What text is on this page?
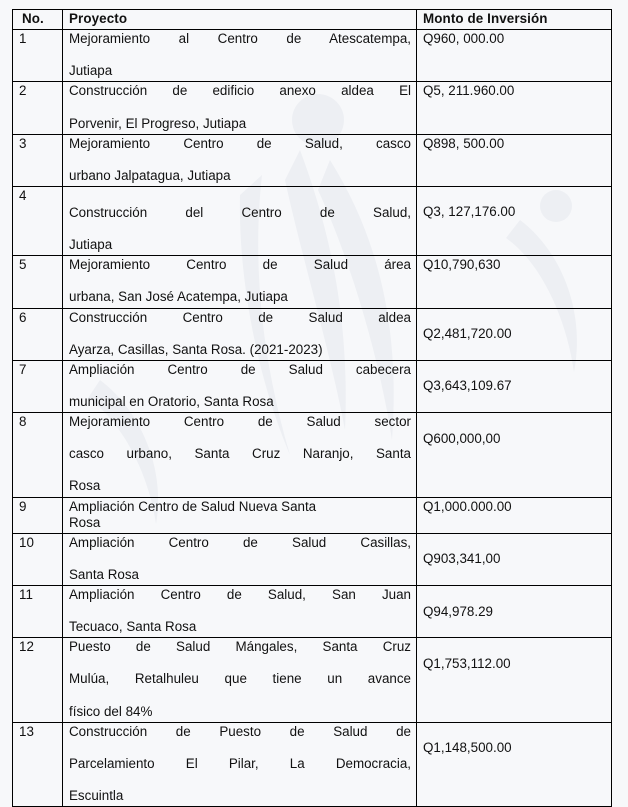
No.	Proyecto	Monto de Inversión
1	Mejoramiento al Centro de Atescatempa,
Jutiapa	Q960, 000.00
2	Construcción de edificio anexo aldea El
Porvenir, El Progreso, Jutiapa	Q5, 211.960.00
3	Mejoramiento Centro de Salud, casco
urbano Jalpatagua, Jutiapa	Q898, 500.00
4	Construcción del Centro de Salud,
Jutiapa	Q3, 127,176.00
5	Mejoramiento Centro de Salud área
urbana, San José Acatempa, Jutiapa	Q10,790,630
6	Construcción Centro de Salud aldea
Ayarza, Casillas, Santa Rosa. (2021-2023)	Q2,481,720.00
7	Ampliación Centro de Salud cabecera
municipal en Oratorio, Santa Rosa	Q3,643,109.67
8	Mejoramiento Centro de Salud sector
casco urbano, Santa Cruz Naranjo, Santa
Rosa	Q600,000,00
9	Ampliación Centro de Salud Nueva Santa
Rosa	Q1,000.000.00
10	Ampliación Centro de Salud Casillas,
Santa Rosa	Q903,341,00
11	Ampliación Centro de Salud, San Juan
Tecuaco, Santa Rosa	Q94,978.29
12	Puesto de Salud Mángales, Santa Cruz
Mulúa, Retalhuleu que tiene un avance
físico del 84%	Q1,753,112.00
13	Construcción de Puesto de Salud de
Parcelamiento El Pilar, La Democracia,
Escuintla	Q1,148,500.00
